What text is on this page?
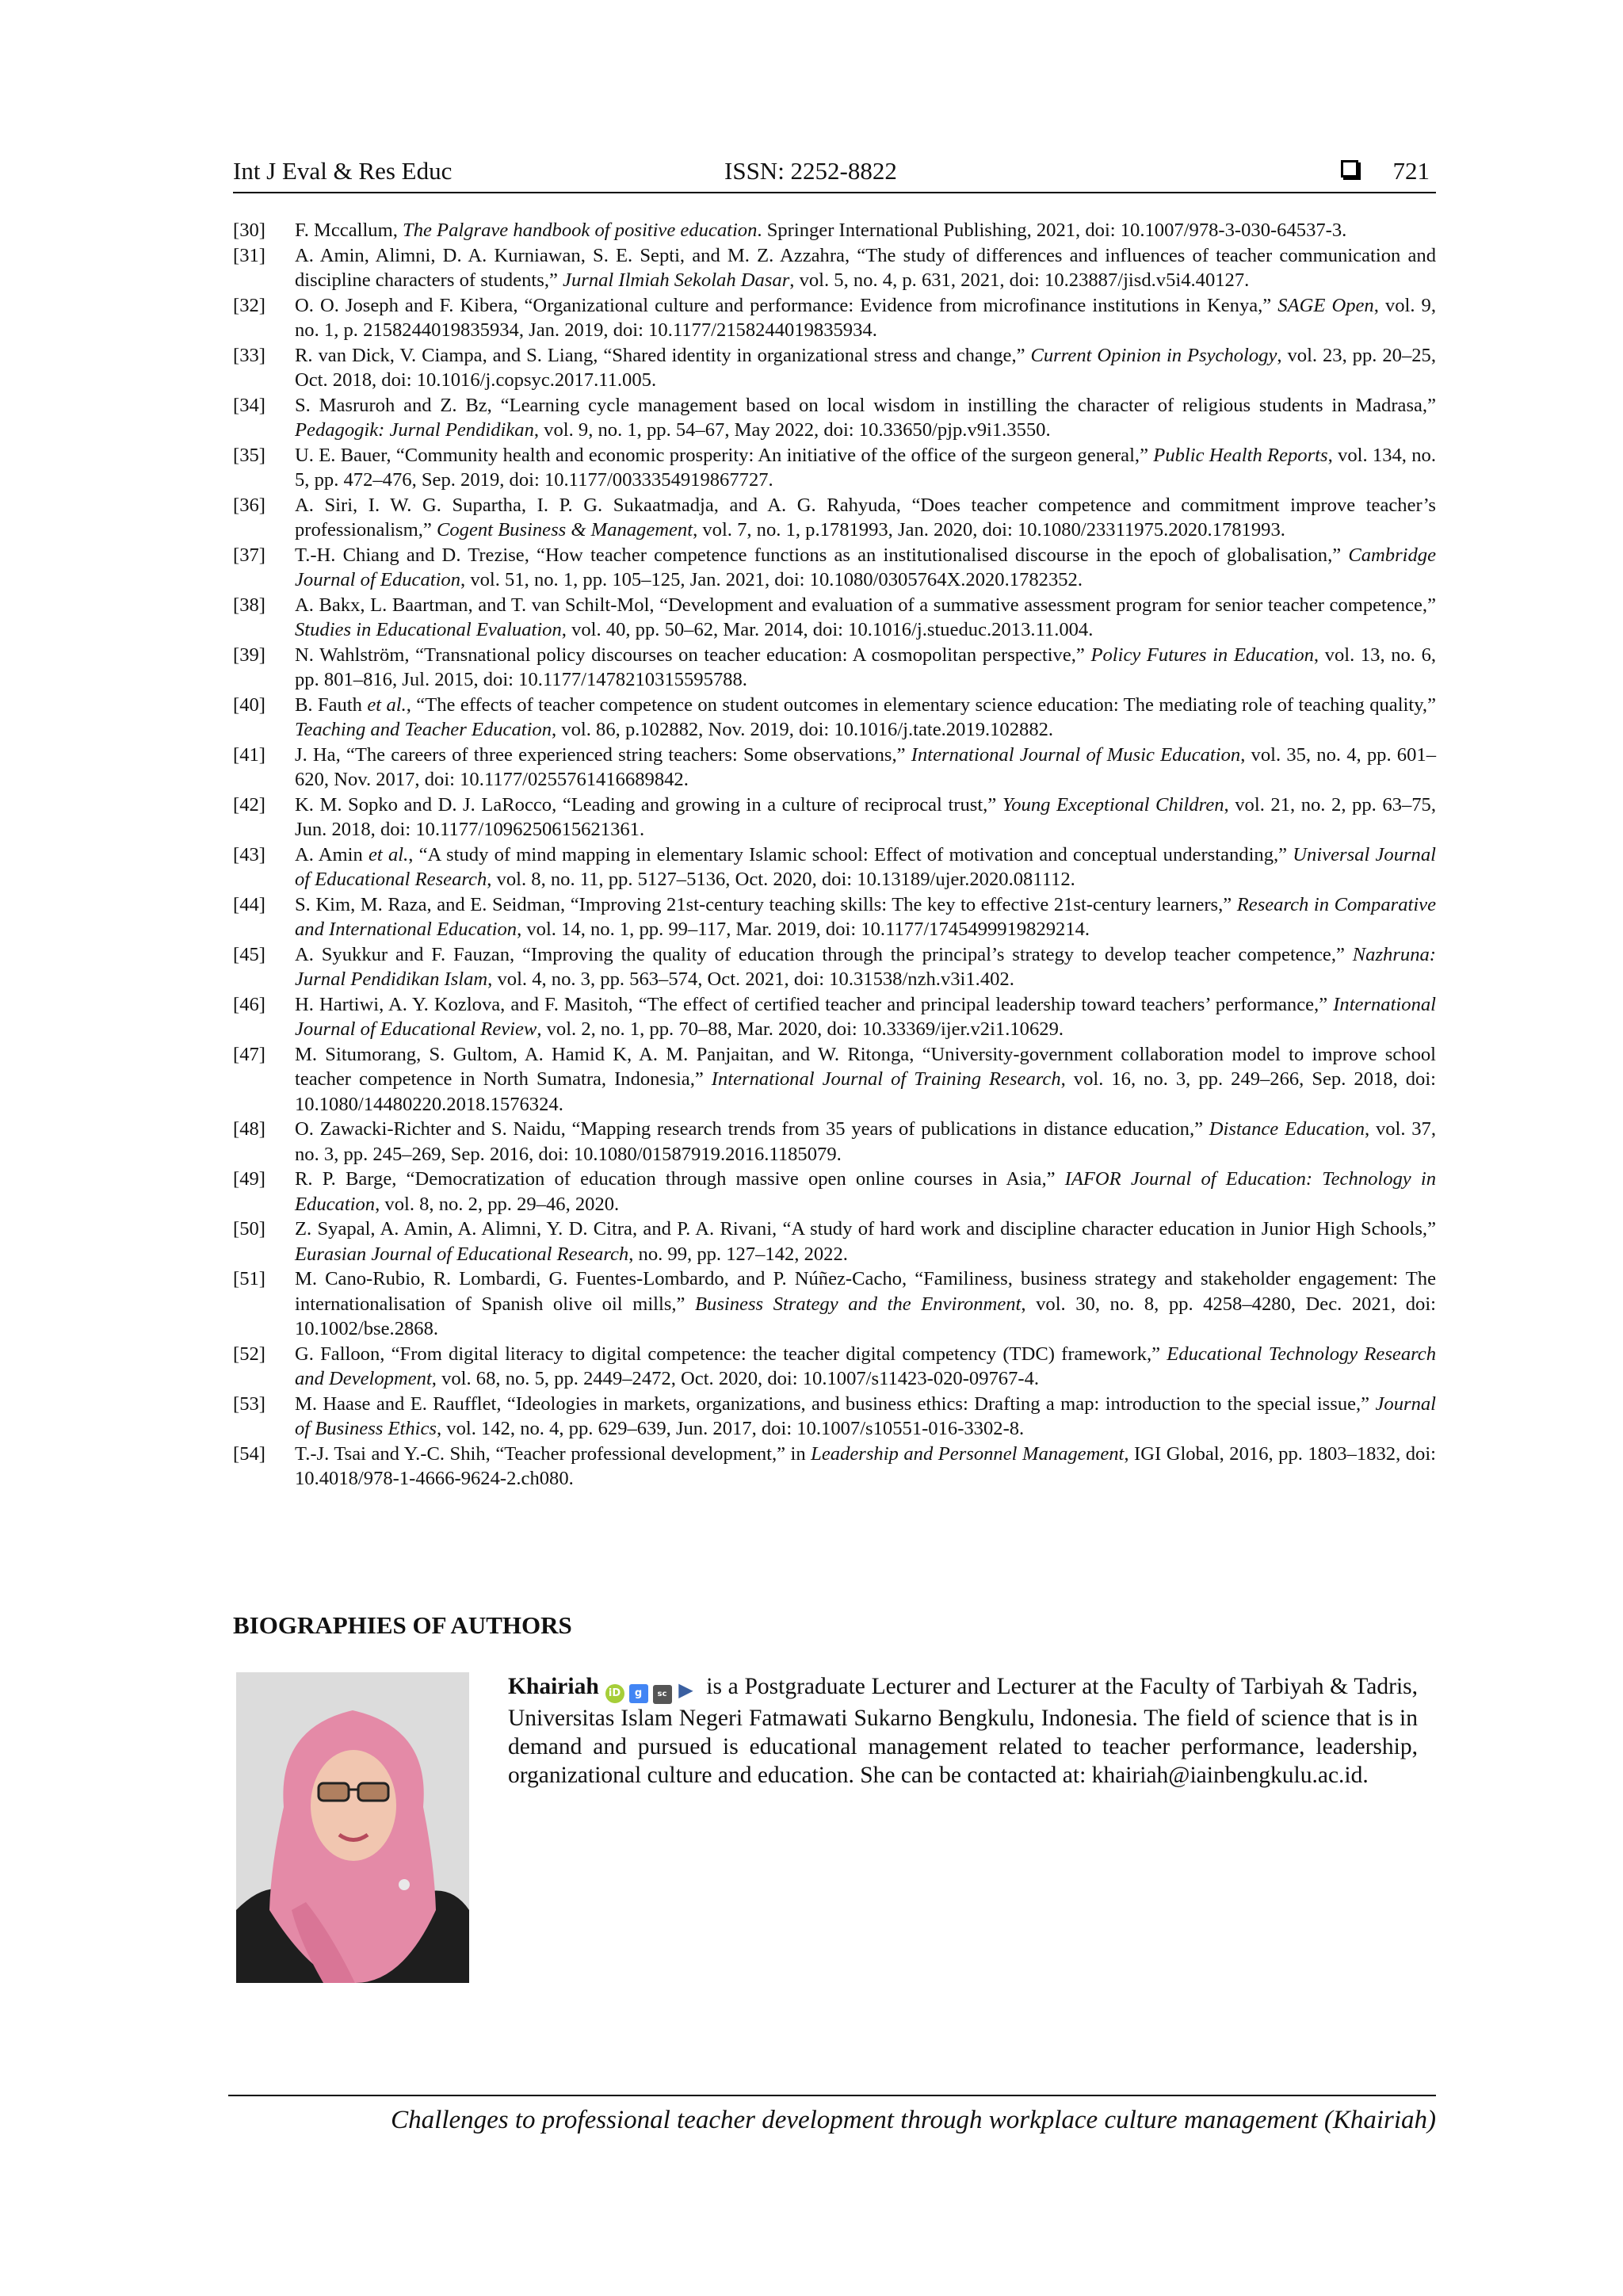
Int J Eval & Res Educ	ISSN: 2252-8822	721

[30] F. Mccallum, The Palgrave handbook of positive education. Springer International Publishing, 2021, doi: 10.1007/978-3-030-64537-3.

[31] A. Amin, Alimni, D. A. Kurniawan, S. E. Septi, and M. Z. Azzahra, “The study of differences and influences of teacher communication and discipline characters of students,” Jurnal Ilmiah Sekolah Dasar, vol. 5, no. 4, p. 631, 2021, doi: 10.23887/jisd.v5i4.40127.

[32] O. O. Joseph and F. Kibera, “Organizational culture and performance: Evidence from microfinance institutions in Kenya,” SAGE Open, vol. 9, no. 1, p. 2158244019835934, Jan. 2019, doi: 10.1177/2158244019835934.

[33] R. van Dick, V. Ciampa, and S. Liang, “Shared identity in organizational stress and change,” Current Opinion in Psychology, vol. 23, pp. 20–25, Oct. 2018, doi: 10.1016/j.copsyc.2017.11.005.

[34] S. Masruroh and Z. Bz, “Learning cycle management based on local wisdom in instilling the character of religious students in Madrasa,” Pedagogik: Jurnal Pendidikan, vol. 9, no. 1, pp. 54–67, May 2022, doi: 10.33650/pjp.v9i1.3550.

[35] U. E. Bauer, “Community health and economic prosperity: An initiative of the office of the surgeon general,” Public Health Reports, vol. 134, no. 5, pp. 472–476, Sep. 2019, doi: 10.1177/0033354919867727.

[36] A. Siri, I. W. G. Supartha, I. P. G. Sukaatmadja, and A. G. Rahyuda, “Does teacher competence and commitment improve teacher’s professionalism,” Cogent Business & Management, vol. 7, no. 1, p.1781993, Jan. 2020, doi: 10.1080/23311975.2020.1781993.

[37] T.-H. Chiang and D. Trezise, “How teacher competence functions as an institutionalised discourse in the epoch of globalisation,” Cambridge Journal of Education, vol. 51, no. 1, pp. 105–125, Jan. 2021, doi: 10.1080/0305764X.2020.1782352.

[38] A. Bakx, L. Baartman, and T. van Schilt-Mol, “Development and evaluation of a summative assessment program for senior teacher competence,” Studies in Educational Evaluation, vol. 40, pp. 50–62, Mar. 2014, doi: 10.1016/j.stueduc.2013.11.004.

[39] N. Wahlström, “Transnational policy discourses on teacher education: A cosmopolitan perspective,” Policy Futures in Education, vol. 13, no. 6, pp. 801–816, Jul. 2015, doi: 10.1177/1478210315595788.

[40] B. Fauth et al., “The effects of teacher competence on student outcomes in elementary science education: The mediating role of teaching quality,” Teaching and Teacher Education, vol. 86, p.102882, Nov. 2019, doi: 10.1016/j.tate.2019.102882.

[41] J. Ha, “The careers of three experienced string teachers: Some observations,” International Journal of Music Education, vol. 35, no. 4, pp. 601–620, Nov. 2017, doi: 10.1177/0255761416689842.

[42] K. M. Sopko and D. J. LaRocco, “Leading and growing in a culture of reciprocal trust,” Young Exceptional Children, vol. 21, no. 2, pp. 63–75, Jun. 2018, doi: 10.1177/1096250615621361.

[43] A. Amin et al., “A study of mind mapping in elementary Islamic school: Effect of motivation and conceptual understanding,” Universal Journal of Educational Research, vol. 8, no. 11, pp. 5127–5136, Oct. 2020, doi: 10.13189/ujer.2020.081112.

[44] S. Kim, M. Raza, and E. Seidman, “Improving 21st-century teaching skills: The key to effective 21st-century learners,” Research in Comparative and International Education, vol. 14, no. 1, pp. 99–117, Mar. 2019, doi: 10.1177/1745499919829214.

[45] A. Syukkur and F. Fauzan, “Improving the quality of education through the principal’s strategy to develop teacher competence,” Nazhruna: Jurnal Pendidikan Islam, vol. 4, no. 3, pp. 563–574, Oct. 2021, doi: 10.31538/nzh.v3i1.402.

[46] H. Hartiwi, A. Y. Kozlova, and F. Masitoh, “The effect of certified teacher and principal leadership toward teachers’ performance,” International Journal of Educational Review, vol. 2, no. 1, pp. 70–88, Mar. 2020, doi: 10.33369/ijer.v2i1.10629.

[47] M. Situmorang, S. Gultom, A. Hamid K, A. M. Panjaitan, and W. Ritonga, “University-government collaboration model to improve school teacher competence in North Sumatra, Indonesia,” International Journal of Training Research, vol. 16, no. 3, pp. 249–266, Sep. 2018, doi: 10.1080/14480220.2018.1576324.

[48] O. Zawacki-Richter and S. Naidu, “Mapping research trends from 35 years of publications in distance education,” Distance Education, vol. 37, no. 3, pp. 245–269, Sep. 2016, doi: 10.1080/01587919.2016.1185079.

[49] R. P. Barge, “Democratization of education through massive open online courses in Asia,” IAFOR Journal of Education: Technology in Education, vol. 8, no. 2, pp. 29–46, 2020.

[50] Z. Syapal, A. Amin, A. Alimni, Y. D. Citra, and P. A. Rivani, “A study of hard work and discipline character education in Junior High Schools,” Eurasian Journal of Educational Research, no. 99, pp. 127–142, 2022.

[51] M. Cano-Rubio, R. Lombardi, G. Fuentes-Lombardo, and P. Núñez-Cacho, “Familiness, business strategy and stakeholder engagement: The internationalisation of Spanish olive oil mills,” Business Strategy and the Environment, vol. 30, no. 8, pp. 4258–4280, Dec. 2021, doi: 10.1002/bse.2868.

[52] G. Falloon, “From digital literacy to digital competence: the teacher digital competency (TDC) framework,” Educational Technology Research and Development, vol. 68, no. 5, pp. 2449–2472, Oct. 2020, doi: 10.1007/s11423-020-09767-4.

[53] M. Haase and E. Raufflet, “Ideologies in markets, organizations, and business ethics: Drafting a map: introduction to the special issue,” Journal of Business Ethics, vol. 142, no. 4, pp. 629–639, Jun. 2017, doi: 10.1007/s10551-016-3302-8.

[54] T.-J. Tsai and Y.-C. Shih, “Teacher professional development,” in Leadership and Personnel Management, IGI Global, 2016, pp. 1803–1832, doi: 10.4018/978-1-4666-9624-2.ch080.

BIOGRAPHIES OF AUTHORS
Khairiah iD g sc ▶ is a Postgraduate Lecturer and Lecturer at the Faculty of Tarbiyah & Tadris, Universitas Islam Negeri Fatmawati Sukarno Bengkulu, Indonesia. The field of science that is in demand and pursued is educational management related to teacher performance, leadership, organizational culture and education. She can be contacted at: khairiah@iainbengkulu.ac.id.
Challenges to professional teacher development through workplace culture management (Khairiah)
